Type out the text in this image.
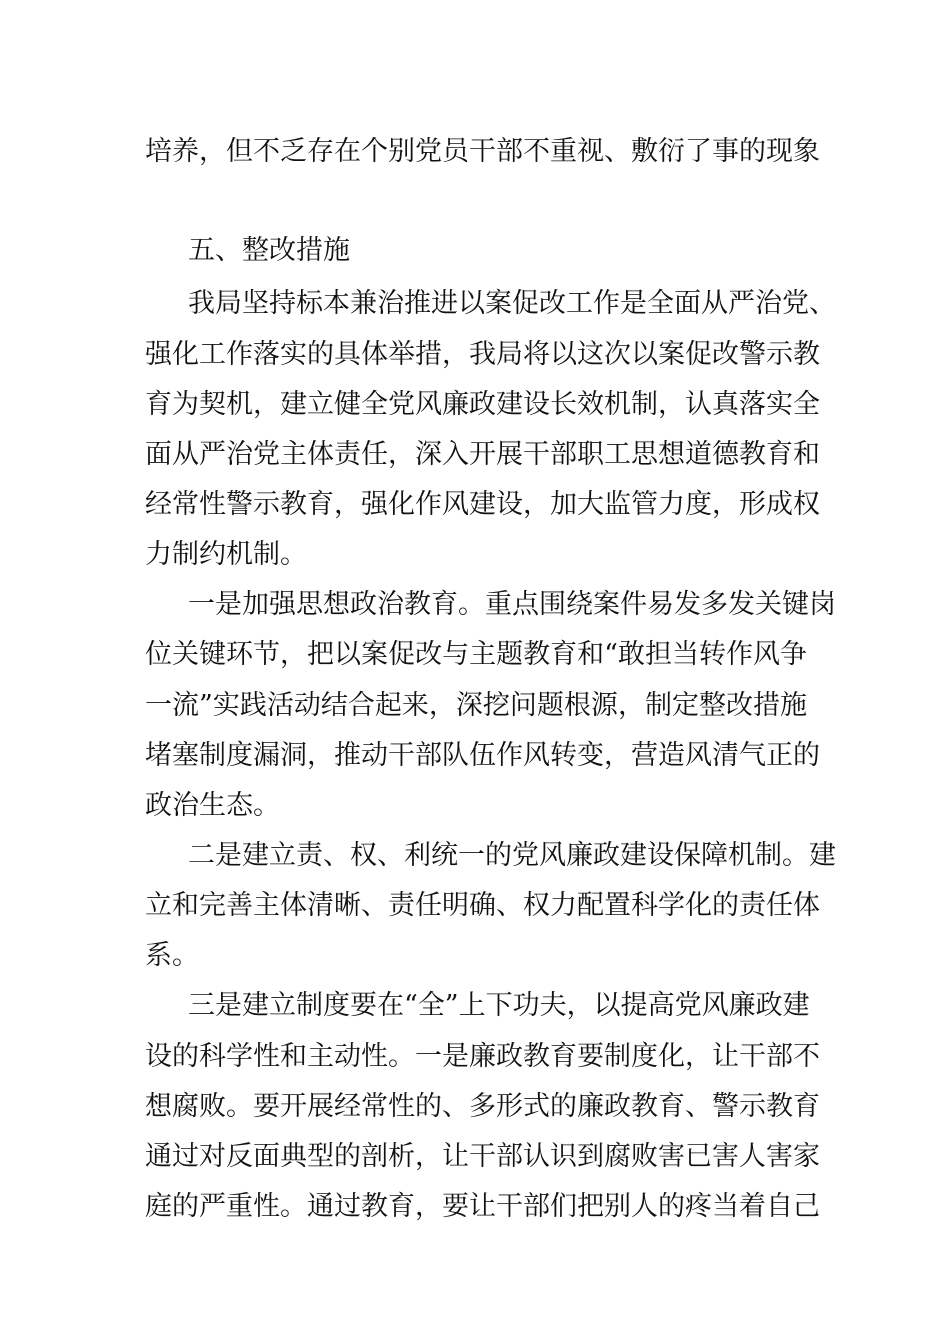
培养，但不乏存在个别党员干部不重视、敷衍了事的现象
五、整改措施
我局坚持标本兼治推进以案促改工作是全面从严治党、
强化工作落实的具体举措，我局将以这次以案促改警示教
育为契机，建立健全党风廉政建设长效机制，认真落实全
面从严治党主体责任，深入开展干部职工思想道德教育和
经常性警示教育，强化作风建设，加大监管力度，形成权
力制约机制。
一是加强思想政治教育。重点围绕案件易发多发关键岗
位关键环节，把以案促改与主题教育和“敢担当转作风争
一流”实践活动结合起来，深挖问题根源，制定整改措施
堵塞制度漏洞，推动干部队伍作风转变，营造风清气正的
政治生态。
二是建立责、权、利统一的党风廉政建设保障机制。建
立和完善主体清晰、责任明确、权力配置科学化的责任体
系。
三是建立制度要在“全”上下功夫，以提高党风廉政建
设的科学性和主动性。一是廉政教育要制度化，让干部不
想腐败。要开展经常性的、多形式的廉政教育、警示教育
通过对反面典型的剖析，让干部认识到腐败害已害人害家
庭的严重性。通过教育，要让干部们把别人的疼当着自己
